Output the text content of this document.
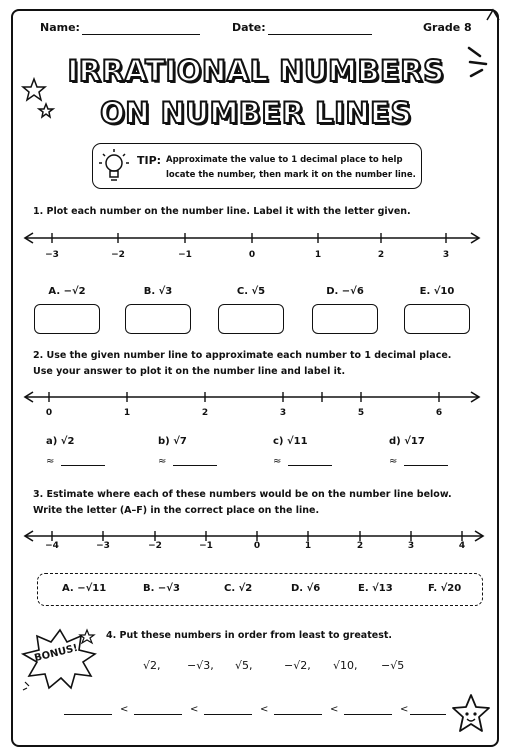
Name:	Date:	Grade 8
IRRATIONAL NUMBERS
ON NUMBER LINES
TIP: Approximate the value to 1 decimal place to help
locate the number, then mark it on the number line.
1. Plot each number on the number line. Label it with the letter given.
−3	−2	−1	0	1	2	3
A. −√2	B. √3	C. √5	D. −√6	E. √10
2. Use the given number line to approximate each number to 1 decimal place.
Use your answer to plot it on the number line and label it.
0	1	2	3	5	6
a) √2
≈
b) √7
≈
c) √11
≈
d) √17
≈
3. Estimate where each of these numbers would be on the number line below.
Write the letter (A–F) in the correct place on the line.
−4	−3	−2	−1	0	1	2	3	4
A. −√11	B. −√3	C. √2	D. √6	E. √13	F. √20
BONUS!
4. Put these numbers in order from least to greatest.
√2, −√3, √5,	−√2, √10, −√5
<	<	<	<	<
